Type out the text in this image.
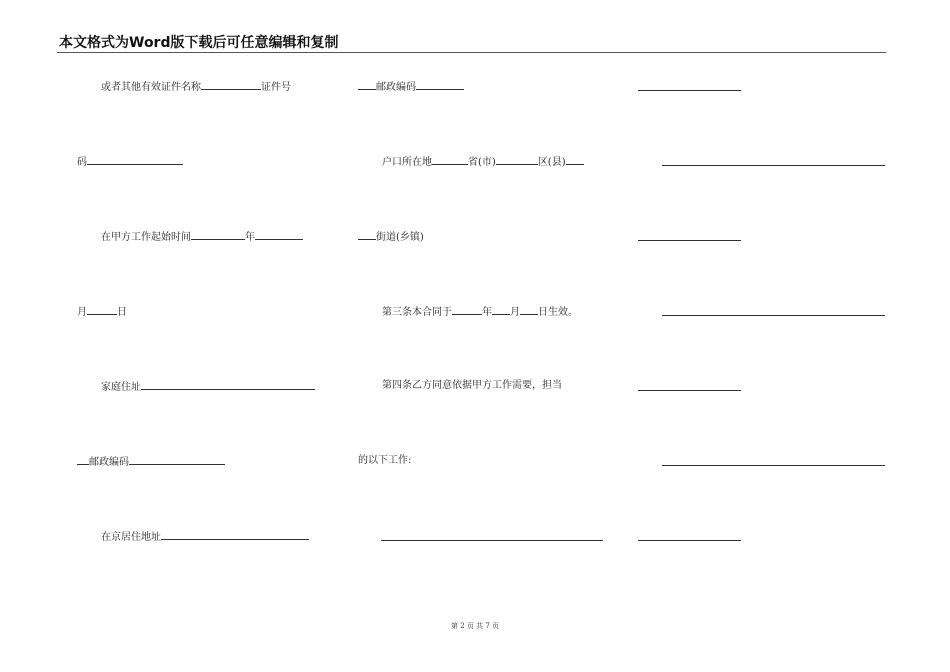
本文格式为Word版下载后可任意编辑和复制
或者其他有效证件名称	证件号
码
在甲方工作起始时间	年
月	日
家庭住址
邮政编码
在京居住地址
邮政编码
户口所在地	省(市)	区(县)
街道(乡镇)
第三条本合同于	年 月 日生效。
第四条乙方同意依据甲方工作需要，担当
的以下工作:
第 2 页 共 7 页
